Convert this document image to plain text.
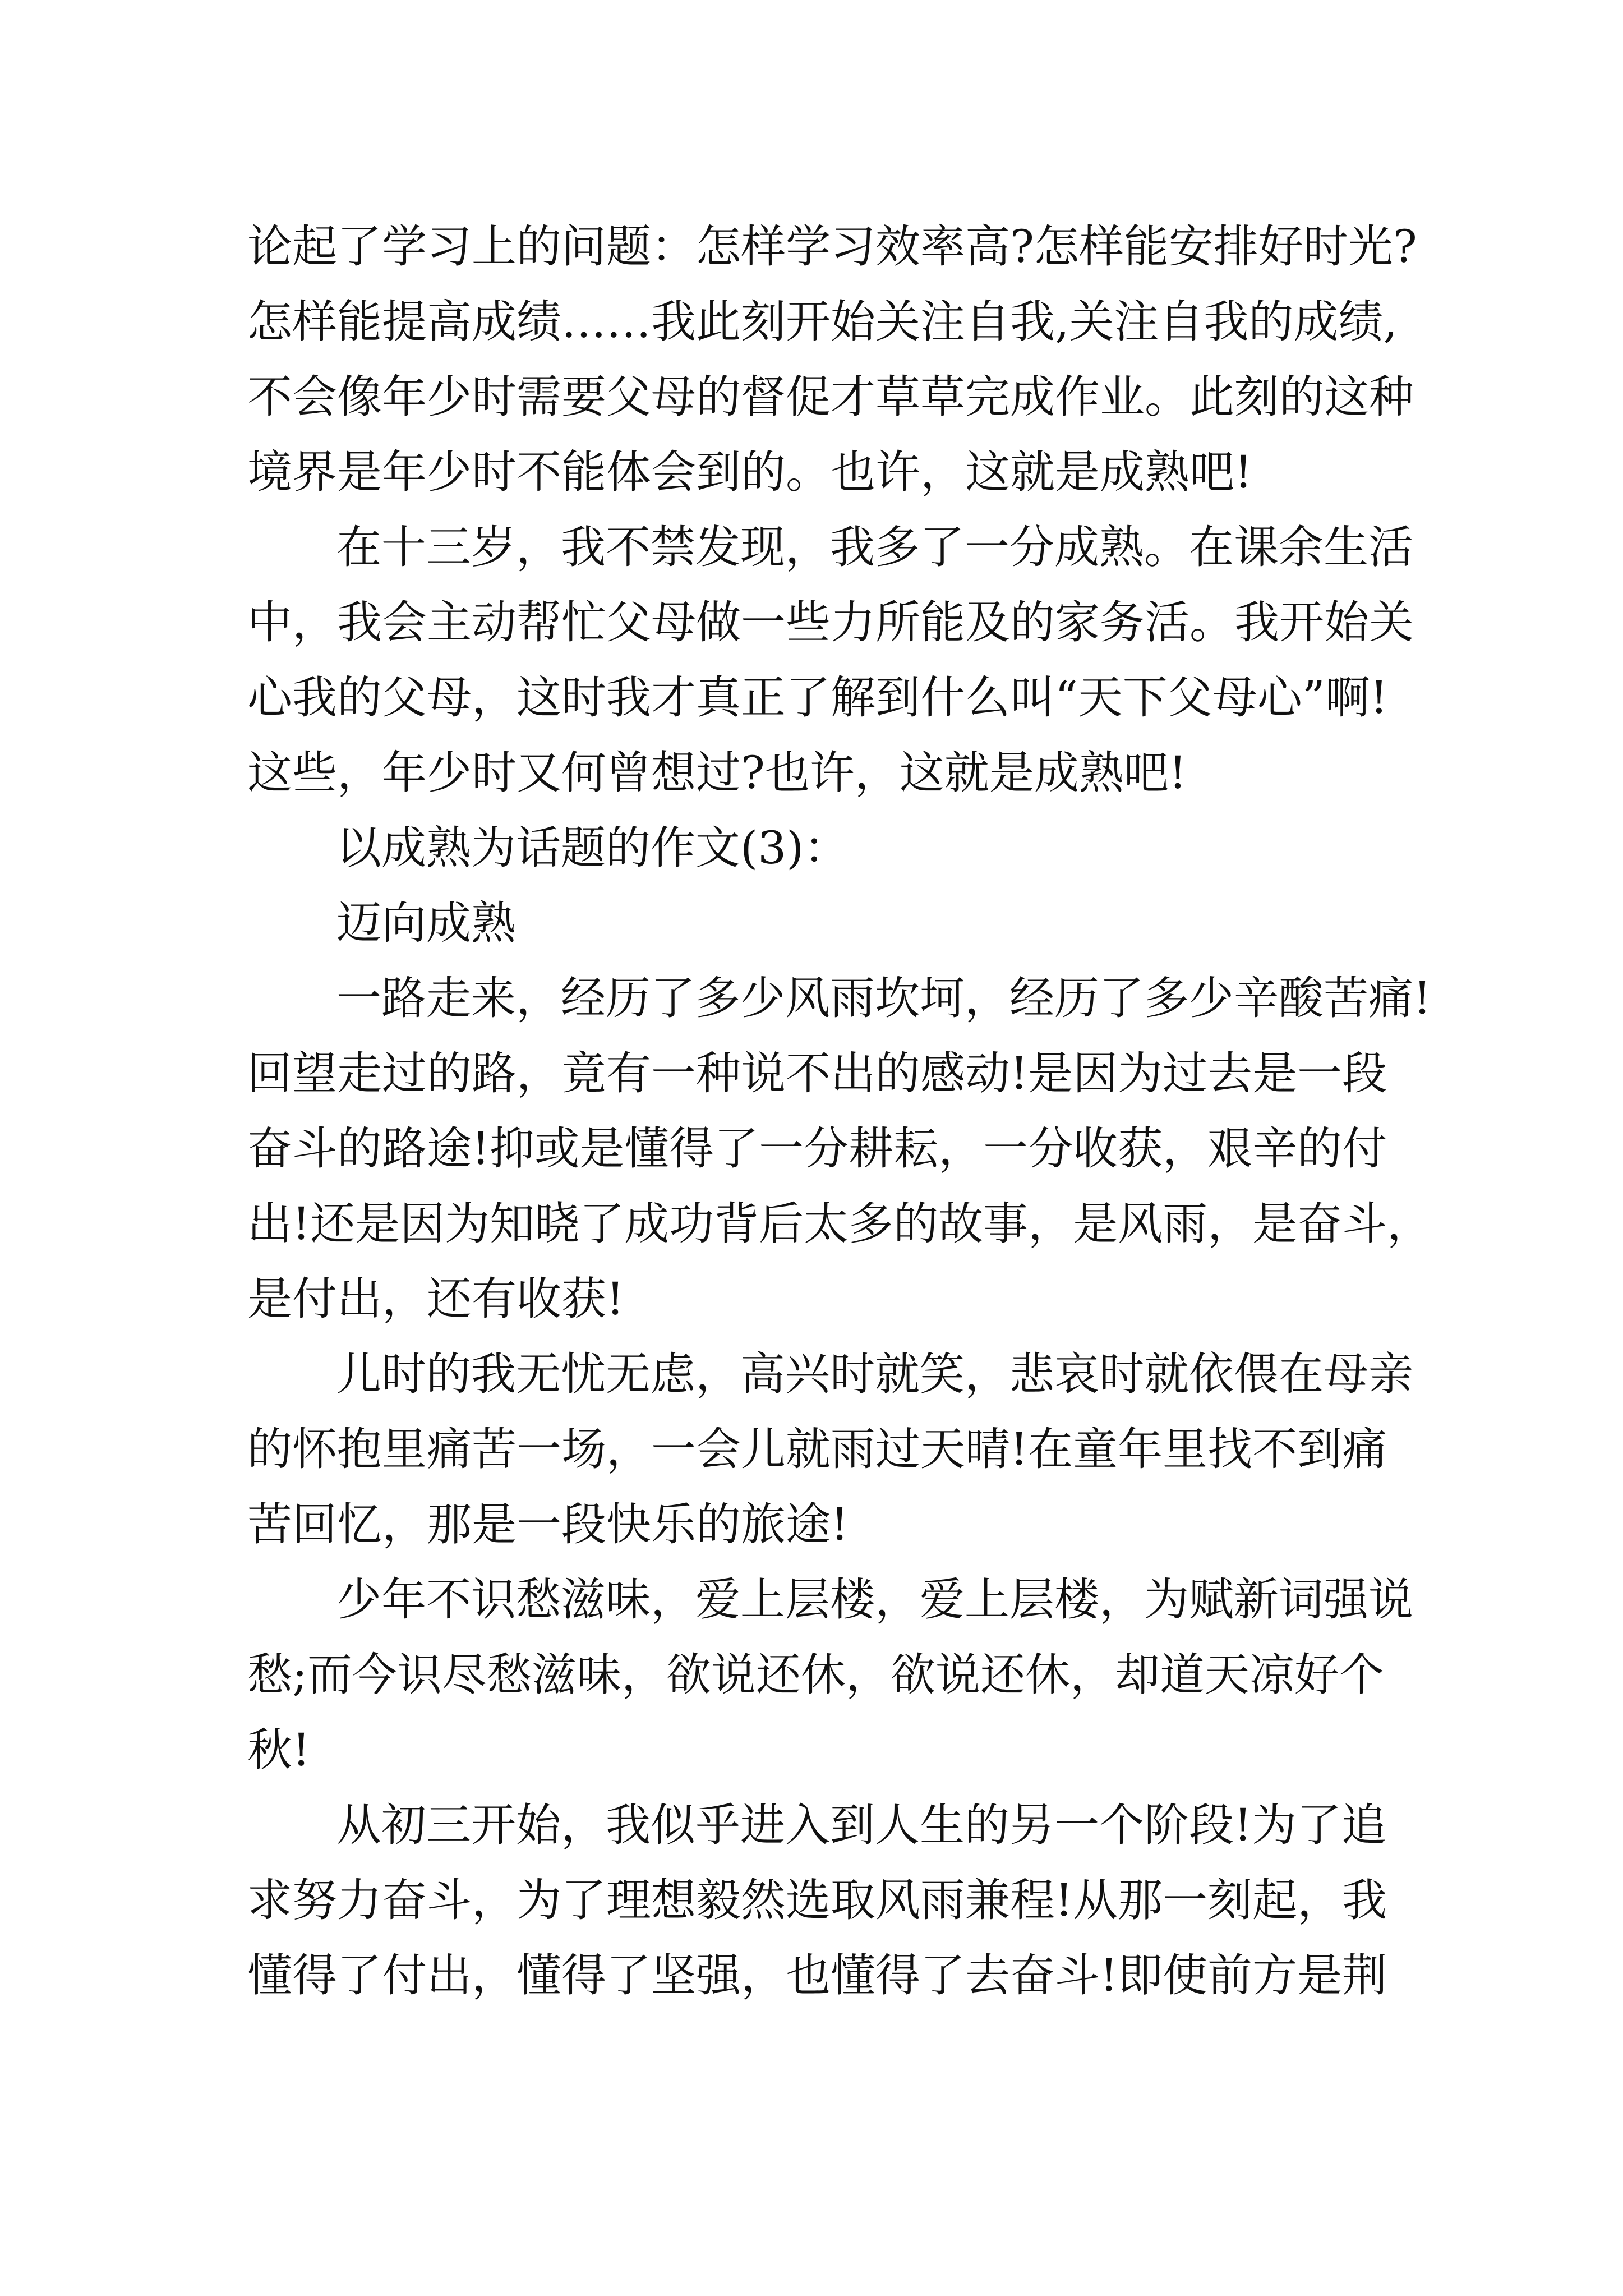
论起了学习上的问题：怎样学习效率高?怎样能安排好时光?
怎样能提高成绩……我此刻开始关注自我,关注自我的成绩,
不会像年少时需要父母的督促才草草完成作业。此刻的这种
境界是年少时不能体会到的。也许，这就是成熟吧!
在十三岁，我不禁发现，我多了一分成熟。在课余生活
中，我会主动帮忙父母做一些力所能及的家务活。我开始关
心我的父母，这时我才真正了解到什么叫“天下父母心”啊!
这些，年少时又何曾想过?也许，这就是成熟吧!
以成熟为话题的作文(3)：
迈向成熟
一路走来，经历了多少风雨坎坷，经历了多少辛酸苦痛!
回望走过的路，竟有一种说不出的感动!是因为过去是一段
奋斗的路途!抑或是懂得了一分耕耘，一分收获，艰辛的付
出!还是因为知晓了成功背后太多的故事，是风雨，是奋斗，
是付出，还有收获!
儿时的我无忧无虑，高兴时就笑，悲哀时就依偎在母亲
的怀抱里痛苦一场，一会儿就雨过天晴!在童年里找不到痛
苦回忆，那是一段快乐的旅途!
少年不识愁滋味，爱上层楼，爱上层楼，为赋新词强说
愁;而今识尽愁滋味，欲说还休，欲说还休，却道天凉好个
秋!
从初三开始，我似乎进入到人生的另一个阶段!为了追
求努力奋斗，为了理想毅然选取风雨兼程!从那一刻起，我
懂得了付出，懂得了坚强，也懂得了去奋斗!即使前方是荆
